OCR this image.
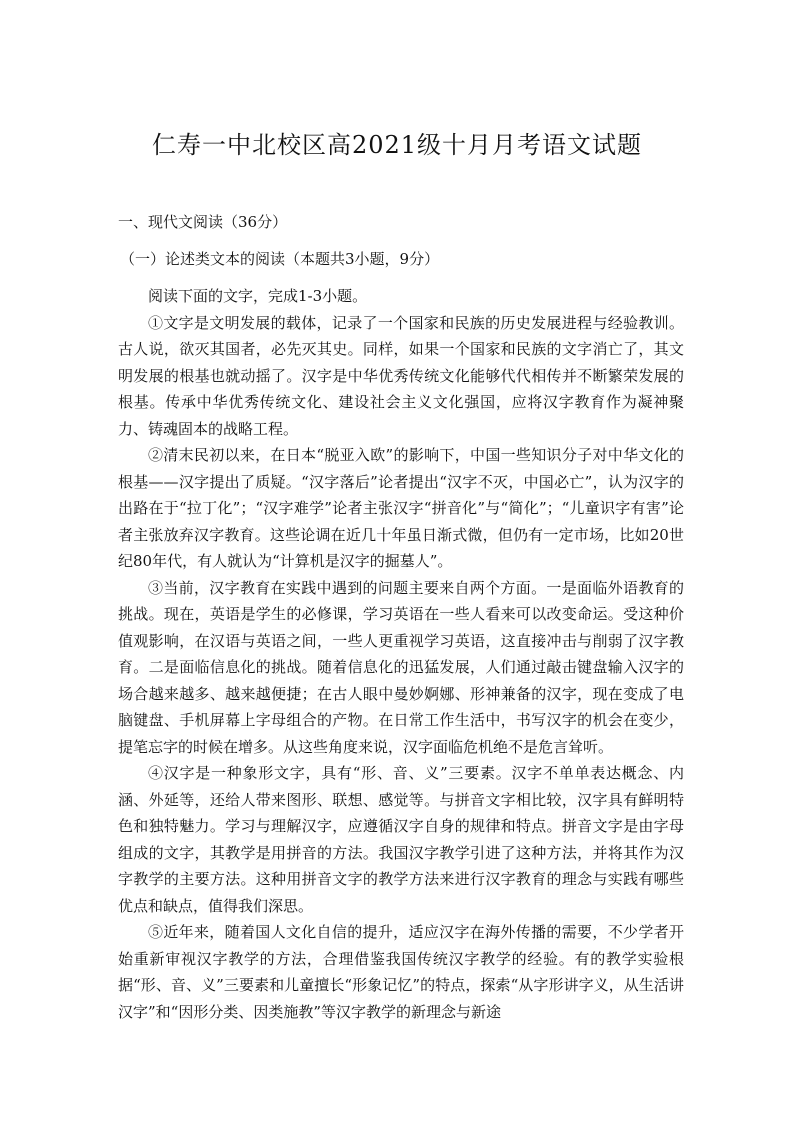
仁寿一中北校区高2021级十月月考语文试题
一、现代文阅读（36分）
（一）论述类文本的阅读（本题共3小题，9分）

阅读下面的文字，完成1-3小题。

①文字是文明发展的载体，记录了一个国家和民族的历史发展进程与经验教训。古人说，欲灭其国者，必先灭其史。同样，如果一个国家和民族的文字消亡了，其文明发展的根基也就动摇了。汉字是中华优秀传统文化能够代代相传并不断繁荣发展的根基。传承中华优秀传统文化、建设社会主义文化强国，应将汉字教育作为凝神聚力、铸魂固本的战略工程。

②清末民初以来，在日本“脱亚入欧”的影响下，中国一些知识分子对中华文化的根基——汉字提出了质疑。“汉字落后”论者提出“汉字不灭，中国必亡”，认为汉字的出路在于“拉丁化”；“汉字难学”论者主张汉字“拼音化”与“简化”；“儿童识字有害”论者主张放弃汉字教育。这些论调在近几十年虽日渐式微，但仍有一定市场，比如20世纪80年代，有人就认为“计算机是汉字的掘墓人”。

③当前，汉字教育在实践中遇到的问题主要来自两个方面。一是面临外语教育的挑战。现在，英语是学生的必修课，学习英语在一些人看来可以改变命运。受这种价值观影响，在汉语与英语之间，一些人更重视学习英语，这直接冲击与削弱了汉字教育。二是面临信息化的挑战。随着信息化的迅猛发展，人们通过敲击键盘输入汉字的场合越来越多、越来越便捷；在古人眼中曼妙婀娜、形神兼备的汉字，现在变成了电脑键盘、手机屏幕上字母组合的产物。在日常工作生活中，书写汉字的机会在变少，提笔忘字的时候在增多。从这些角度来说，汉字面临危机绝不是危言耸听。

④汉字是一种象形文字，具有“形、音、义”三要素。汉字不单单表达概念、内涵、外延等，还给人带来图形、联想、感觉等。与拼音文字相比较，汉字具有鲜明特色和独特魅力。学习与理解汉字，应遵循汉字自身的规律和特点。拼音文字是由字母组成的文字，其教学是用拼音的方法。我国汉字教学引进了这种方法，并将其作为汉字教学的主要方法。这种用拼音文字的教学方法来进行汉字教育的理念与实践有哪些优点和缺点，值得我们深思。

⑤近年来，随着国人文化自信的提升，适应汉字在海外传播的需要，不少学者开始重新审视汉字教学的方法，合理借鉴我国传统汉字教学的经验。有的教学实验根据“形、音、义”三要素和儿童擅长“形象记忆”的特点，探索“从字形讲字义，从生活讲汉字”和“因形分类、因类施教”等汉字教学的新理念与新途
